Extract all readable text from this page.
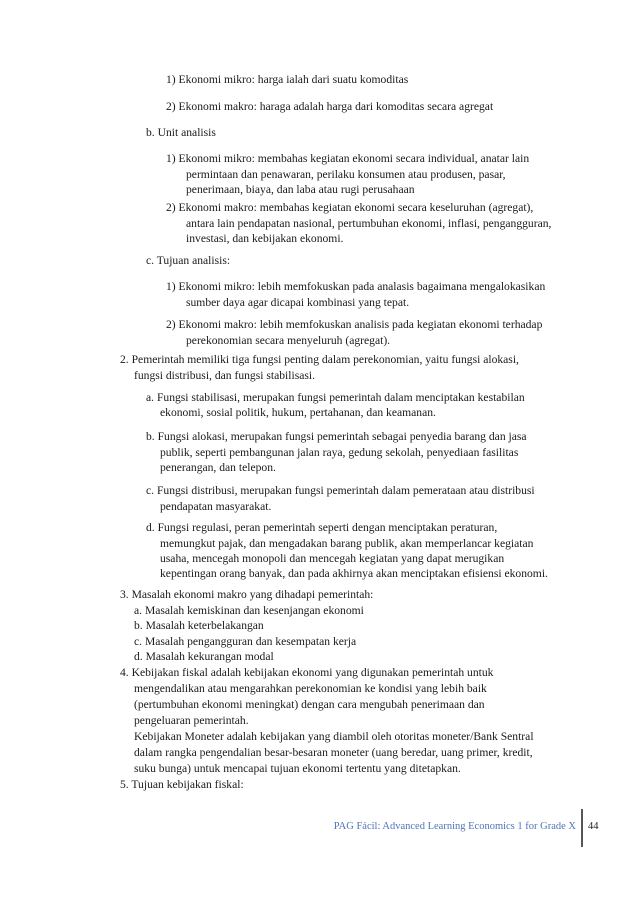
1) Ekonomi mikro: harga ialah dari suatu komoditas
2) Ekonomi makro: haraga adalah harga dari komoditas secara agregat
b. Unit analisis
1) Ekonomi mikro: membahas kegiatan ekonomi secara individual, anatar lain
permintaan dan penawaran, perilaku konsumen atau produsen, pasar,
penerimaan, biaya, dan laba atau rugi perusahaan
2) Ekonomi makro: membahas kegiatan ekonomi secara keseluruhan (agregat),
antara lain pendapatan nasional, pertumbuhan ekonomi, inflasi, pengangguran,
investasi, dan kebijakan ekonomi.
c. Tujuan analisis:
1) Ekonomi mikro: lebih memfokuskan pada analasis bagaimana mengalokasikan
sumber daya agar dicapai kombinasi yang tepat.
2) Ekonomi makro: lebih memfokuskan analisis pada kegiatan ekonomi terhadap
perekonomian secara menyeluruh (agregat).
2. Pemerintah memiliki tiga fungsi penting dalam perekonomian, yaitu fungsi alokasi,
fungsi distribusi, dan fungsi stabilisasi.
a. Fungsi stabilisasi, merupakan fungsi pemerintah dalam menciptakan kestabilan
ekonomi, sosial politik, hukum, pertahanan, dan keamanan.
b. Fungsi alokasi, merupakan fungsi pemerintah sebagai penyedia barang dan jasa
publik, seperti pembangunan jalan raya, gedung sekolah, penyediaan fasilitas
penerangan, dan telepon.
c. Fungsi distribusi, merupakan fungsi pemerintah dalam pemerataan atau distribusi
pendapatan masyarakat.
d. Fungsi regulasi, peran pemerintah seperti dengan menciptakan peraturan,
memungkut pajak, dan mengadakan barang publik, akan memperlancar kegiatan
usaha, mencegah monopoli dan mencegah kegiatan yang dapat merugikan
kepentingan orang banyak, dan pada akhirnya akan menciptakan efisiensi ekonomi.
3. Masalah ekonomi makro yang dihadapi pemerintah:
a. Masalah kemiskinan dan kesenjangan ekonomi
b. Masalah keterbelakangan
c. Masalah pengangguran dan kesempatan kerja
d. Masalah kekurangan modal
4. Kebijakan fiskal adalah kebijakan ekonomi yang digunakan pemerintah untuk
mengendalikan atau mengarahkan perekonomian ke kondisi yang lebih baik
(pertumbuhan ekonomi meningkat) dengan cara mengubah penerimaan dan
pengeluaran pemerintah.
Kebijakan Moneter adalah kebijakan yang diambil oleh otoritas moneter/Bank Sentral
dalam rangka pengendalian besar-besaran moneter (uang beredar, uang primer, kredit,
suku bunga) untuk mencapai tujuan ekonomi tertentu yang ditetapkan.
5. Tujuan kebijakan fiskal:
PAG Fácil: Advanced Learning Economics 1 for Grade X 44
